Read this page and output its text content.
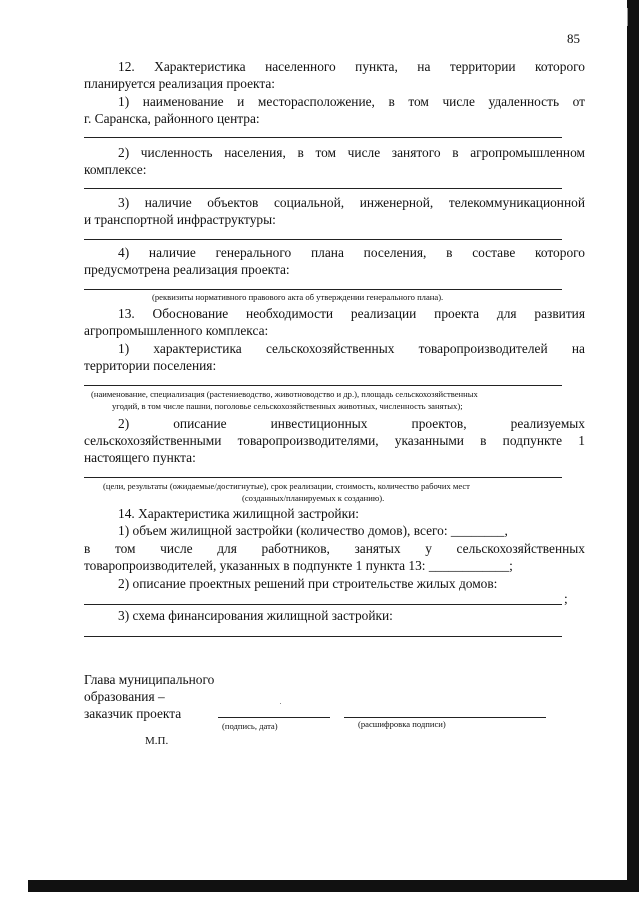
85
12. Характеристика населенного пункта, на территории которого
планируется реализация проекта:
1) наименование и месторасположение, в том числе удаленность от
г. Саранска, районного центра:
2) численность населения, в том числе занятого в агропромышленном
комплексе:
3) наличие объектов социальной, инженерной, телекоммуникационной
и транспортной инфраструктуры:
4) наличие генерального плана поселения, в составе которого
предусмотрена реализация проекта:
(реквизиты нормативного правового акта об утверждении генерального плана).
13. Обоснование необходимости реализации проекта для развития
агропромышленного комплекса:
1) характеристика сельскохозяйственных товаропроизводителей на
территории поселения:
(наименование, специализация (растениеводство, животноводство и др.), площадь сельскохозяйственных
угодий, в том числе пашни, поголовье сельскохозяйственных животных, численность занятых);
2) описание инвестиционных проектов, реализуемых
сельскохозяйственными товаропроизводителями, указанными в подпункте 1
настоящего пункта:
(цели, результаты (ожидаемые/достигнутые), срок реализации, стоимость, количество рабочих мест
(созданных/планируемых к созданию).
14. Характеристика жилищной застройки:
1) объем жилищной застройки (количество домов), всего: ________,
в том числе для работников, занятых у сельскохозяйственных
товаропроизводителей, указанных в подпункте 1 пункта 13: ____________;
2) описание проектных решений при строительстве жилых домов:
;
3) схема финансирования жилищной застройки:
Глава муниципального
образования –
заказчик проекта
(подпись, дата)	(расшифровка подписи)
М.П.
